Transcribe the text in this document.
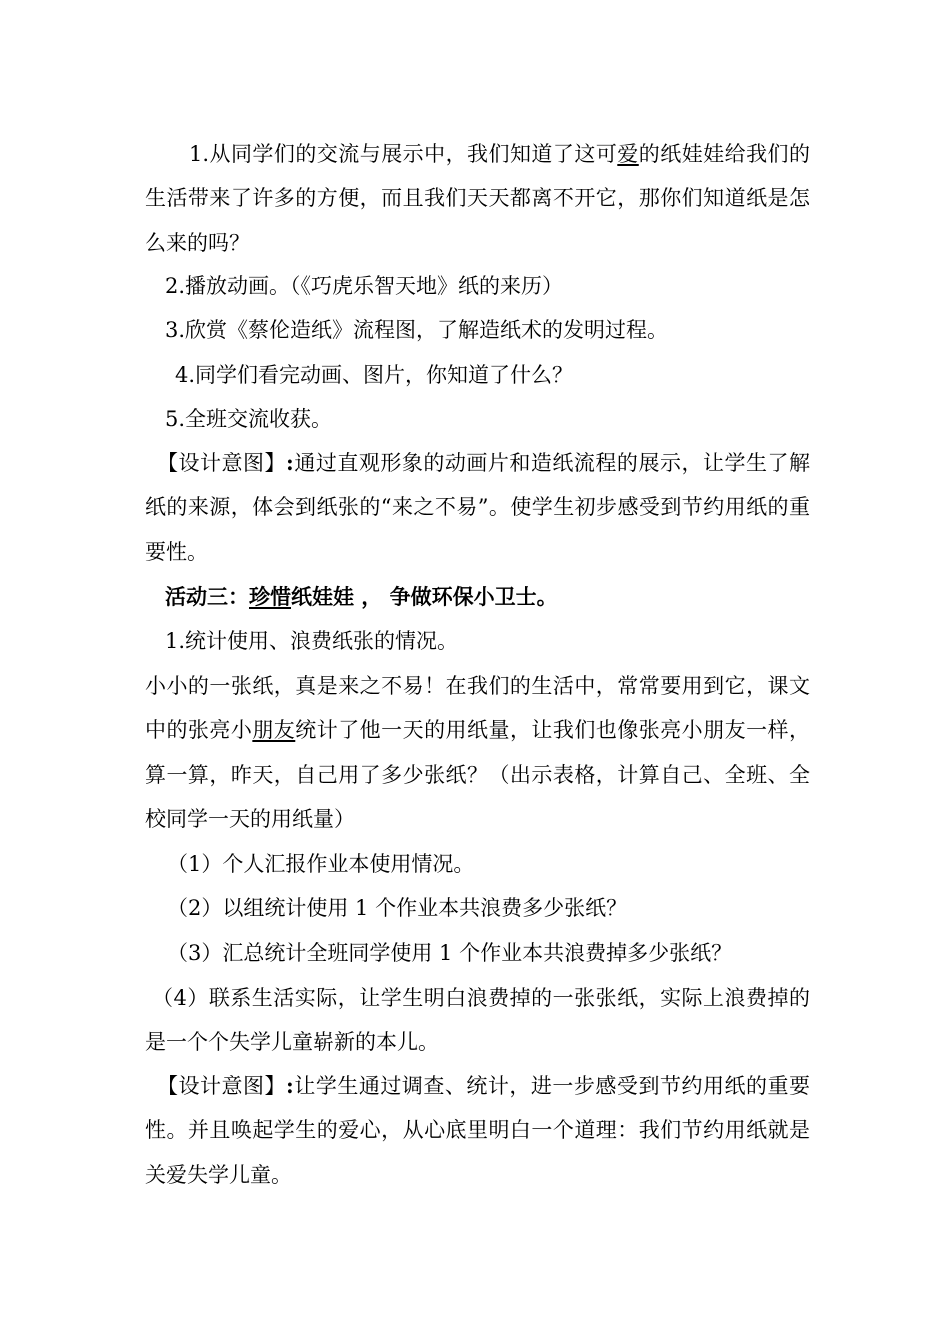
1.从同学们的交流与展示中，我们知道了这可爱的纸娃娃给我们的生活带来了许多的方便，而且我们天天都离不开它，那你们知道纸是怎么来的吗？

2.播放动画。（《巧虎乐智天地》纸的来历）

3.欣赏《蔡伦造纸》流程图，了解造纸术的发明过程。

4.同学们看完动画、图片，你知道了什么？

5.全班交流收获。

【设计意图】:通过直观形象的动画片和造纸流程的展示，让学生了解纸的来源，体会到纸张的“来之不易”。使学生初步感受到节约用纸的重要性。

活动三：珍惜纸娃娃 ， 争做环保小卫士。

1.统计使用、浪费纸张的情况。

小小的一张纸，真是来之不易！在我们的生活中，常常要用到它，课文中的张亮小朋友统计了他一天的用纸量，让我们也像张亮小朋友一样，算一算，昨天，自己用了多少张纸？（出示表格，计算自己、全班、全校同学一天的用纸量）

（1）个人汇报作业本使用情况。

（2）以组统计使用 1 个作业本共浪费多少张纸？

（3）汇总统计全班同学使用 1 个作业本共浪费掉多少张纸？

（4）联系生活实际，让学生明白浪费掉的一张张纸，实际上浪费掉的是一个个失学儿童崭新的本儿。

【设计意图】:让学生通过调查、统计，进一步感受到节约用纸的重要性。并且唤起学生的爱心，从心底里明白一个道理：我们节约用纸就是关爱失学儿童。
